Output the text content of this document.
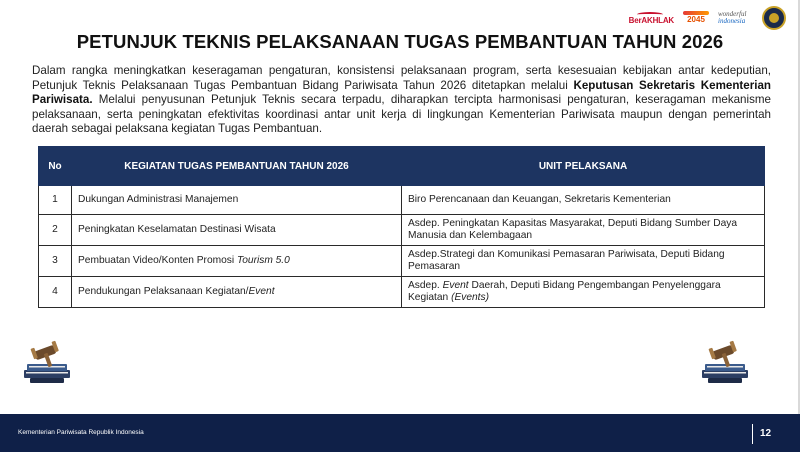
BerAKHLAK 2045
wonderful
indonesia
PETUNJUK TEKNIS PELAKSANAAN TUGAS PEMBANTUAN TAHUN 2026
Dalam rangka meningkatkan keseragaman pengaturan, konsistensi pelaksanaan program, serta kesesuaian kebijakan antar kedeputian, Petunjuk Teknis Pelaksanaan Tugas Pembantuan Bidang Pariwisata Tahun 2026 ditetapkan melalui Keputusan Sekretaris Kementerian Pariwisata. Melalui penyusunan Petunjuk Teknis secara terpadu, diharapkan tercipta harmonisasi pengaturan, keseragaman mekanisme pelaksanaan, serta peningkatan efektivitas koordinasi antar unit kerja di lingkungan Kementerian Pariwisata maupun dengan pemerintah daerah sebagai pelaksana kegiatan Tugas Pembantuan.
No	KEGIATAN TUGAS PEMBANTUAN TAHUN 2026	UNIT PELAKSANA
1	Dukungan Administrasi Manajemen	Biro Perencanaan dan Keuangan, Sekretaris Kementerian
2	Peningkatan Keselamatan Destinasi Wisata	Asdep. Peningkatan Kapasitas Masyarakat, Deputi Bidang Sumber Daya Manusia dan Kelembagaan
3	Pembuatan Video/Konten Promosi Tourism 5.0	Asdep.Strategi dan Komunikasi Pemasaran Pariwisata, Deputi Bidang Pemasaran
4	Pendukungan Pelaksanaan Kegiatan/Event	Asdep. Event Daerah, Deputi Bidang Pengembangan Penyelenggara Kegiatan (Events)
Kementerian Pariwisata Republik Indonesia	12
